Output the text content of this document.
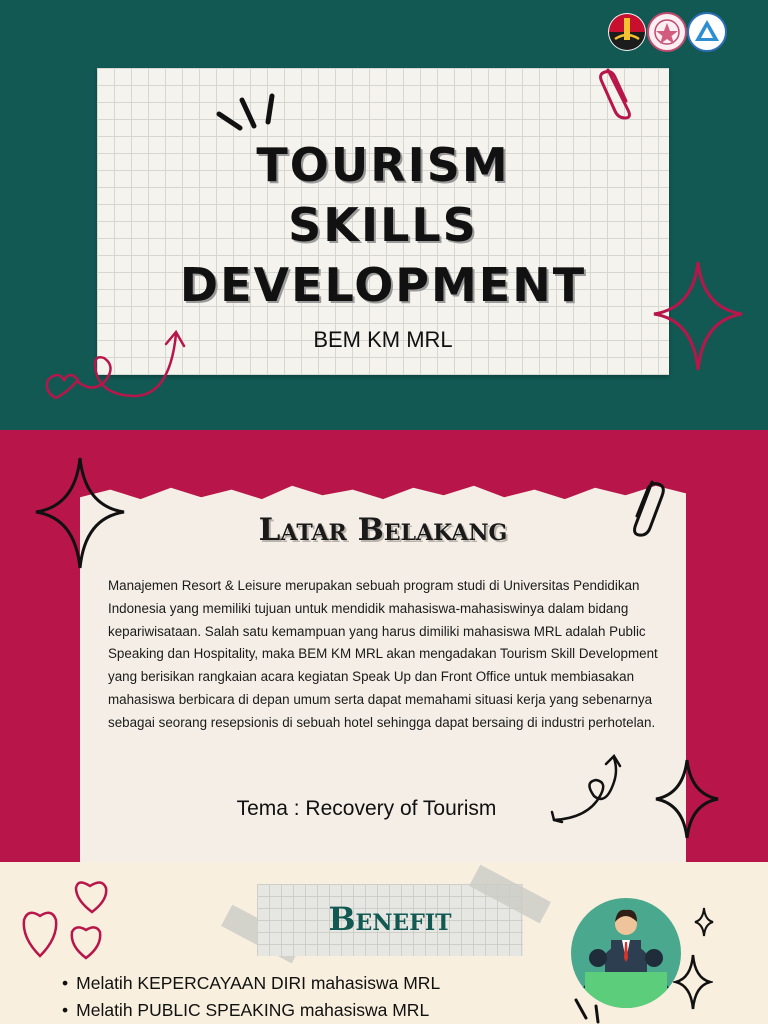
TOURISM
SKILLS
DEVELOPMENT
BEM KM MRL
Latar Belakang

Manajemen Resort & Leisure merupakan sebuah program studi di Universitas Pendidikan Indonesia yang memiliki tujuan untuk mendidik mahasiswa-mahasiswinya dalam bidang kepariwisataan. Salah satu kemampuan yang harus dimiliki mahasiswa MRL adalah Public Speaking dan Hospitality, maka BEM KM MRL akan mengadakan Tourism Skill Development yang berisikan rangkaian acara kegiatan Speak Up dan Front Office untuk membiasakan mahasiswa berbicara di depan umum serta dapat memahami situasi kerja yang sebenarnya sebagai seorang resepsionis di sebuah hotel sehingga dapat bersaing di industri perhotelan.

Tema : Recovery of Tourism
Benefit
• Melatih KEPERCAYAAN DIRI mahasiswa MRL
• Melatih PUBLIC SPEAKING mahasiswa MRL
